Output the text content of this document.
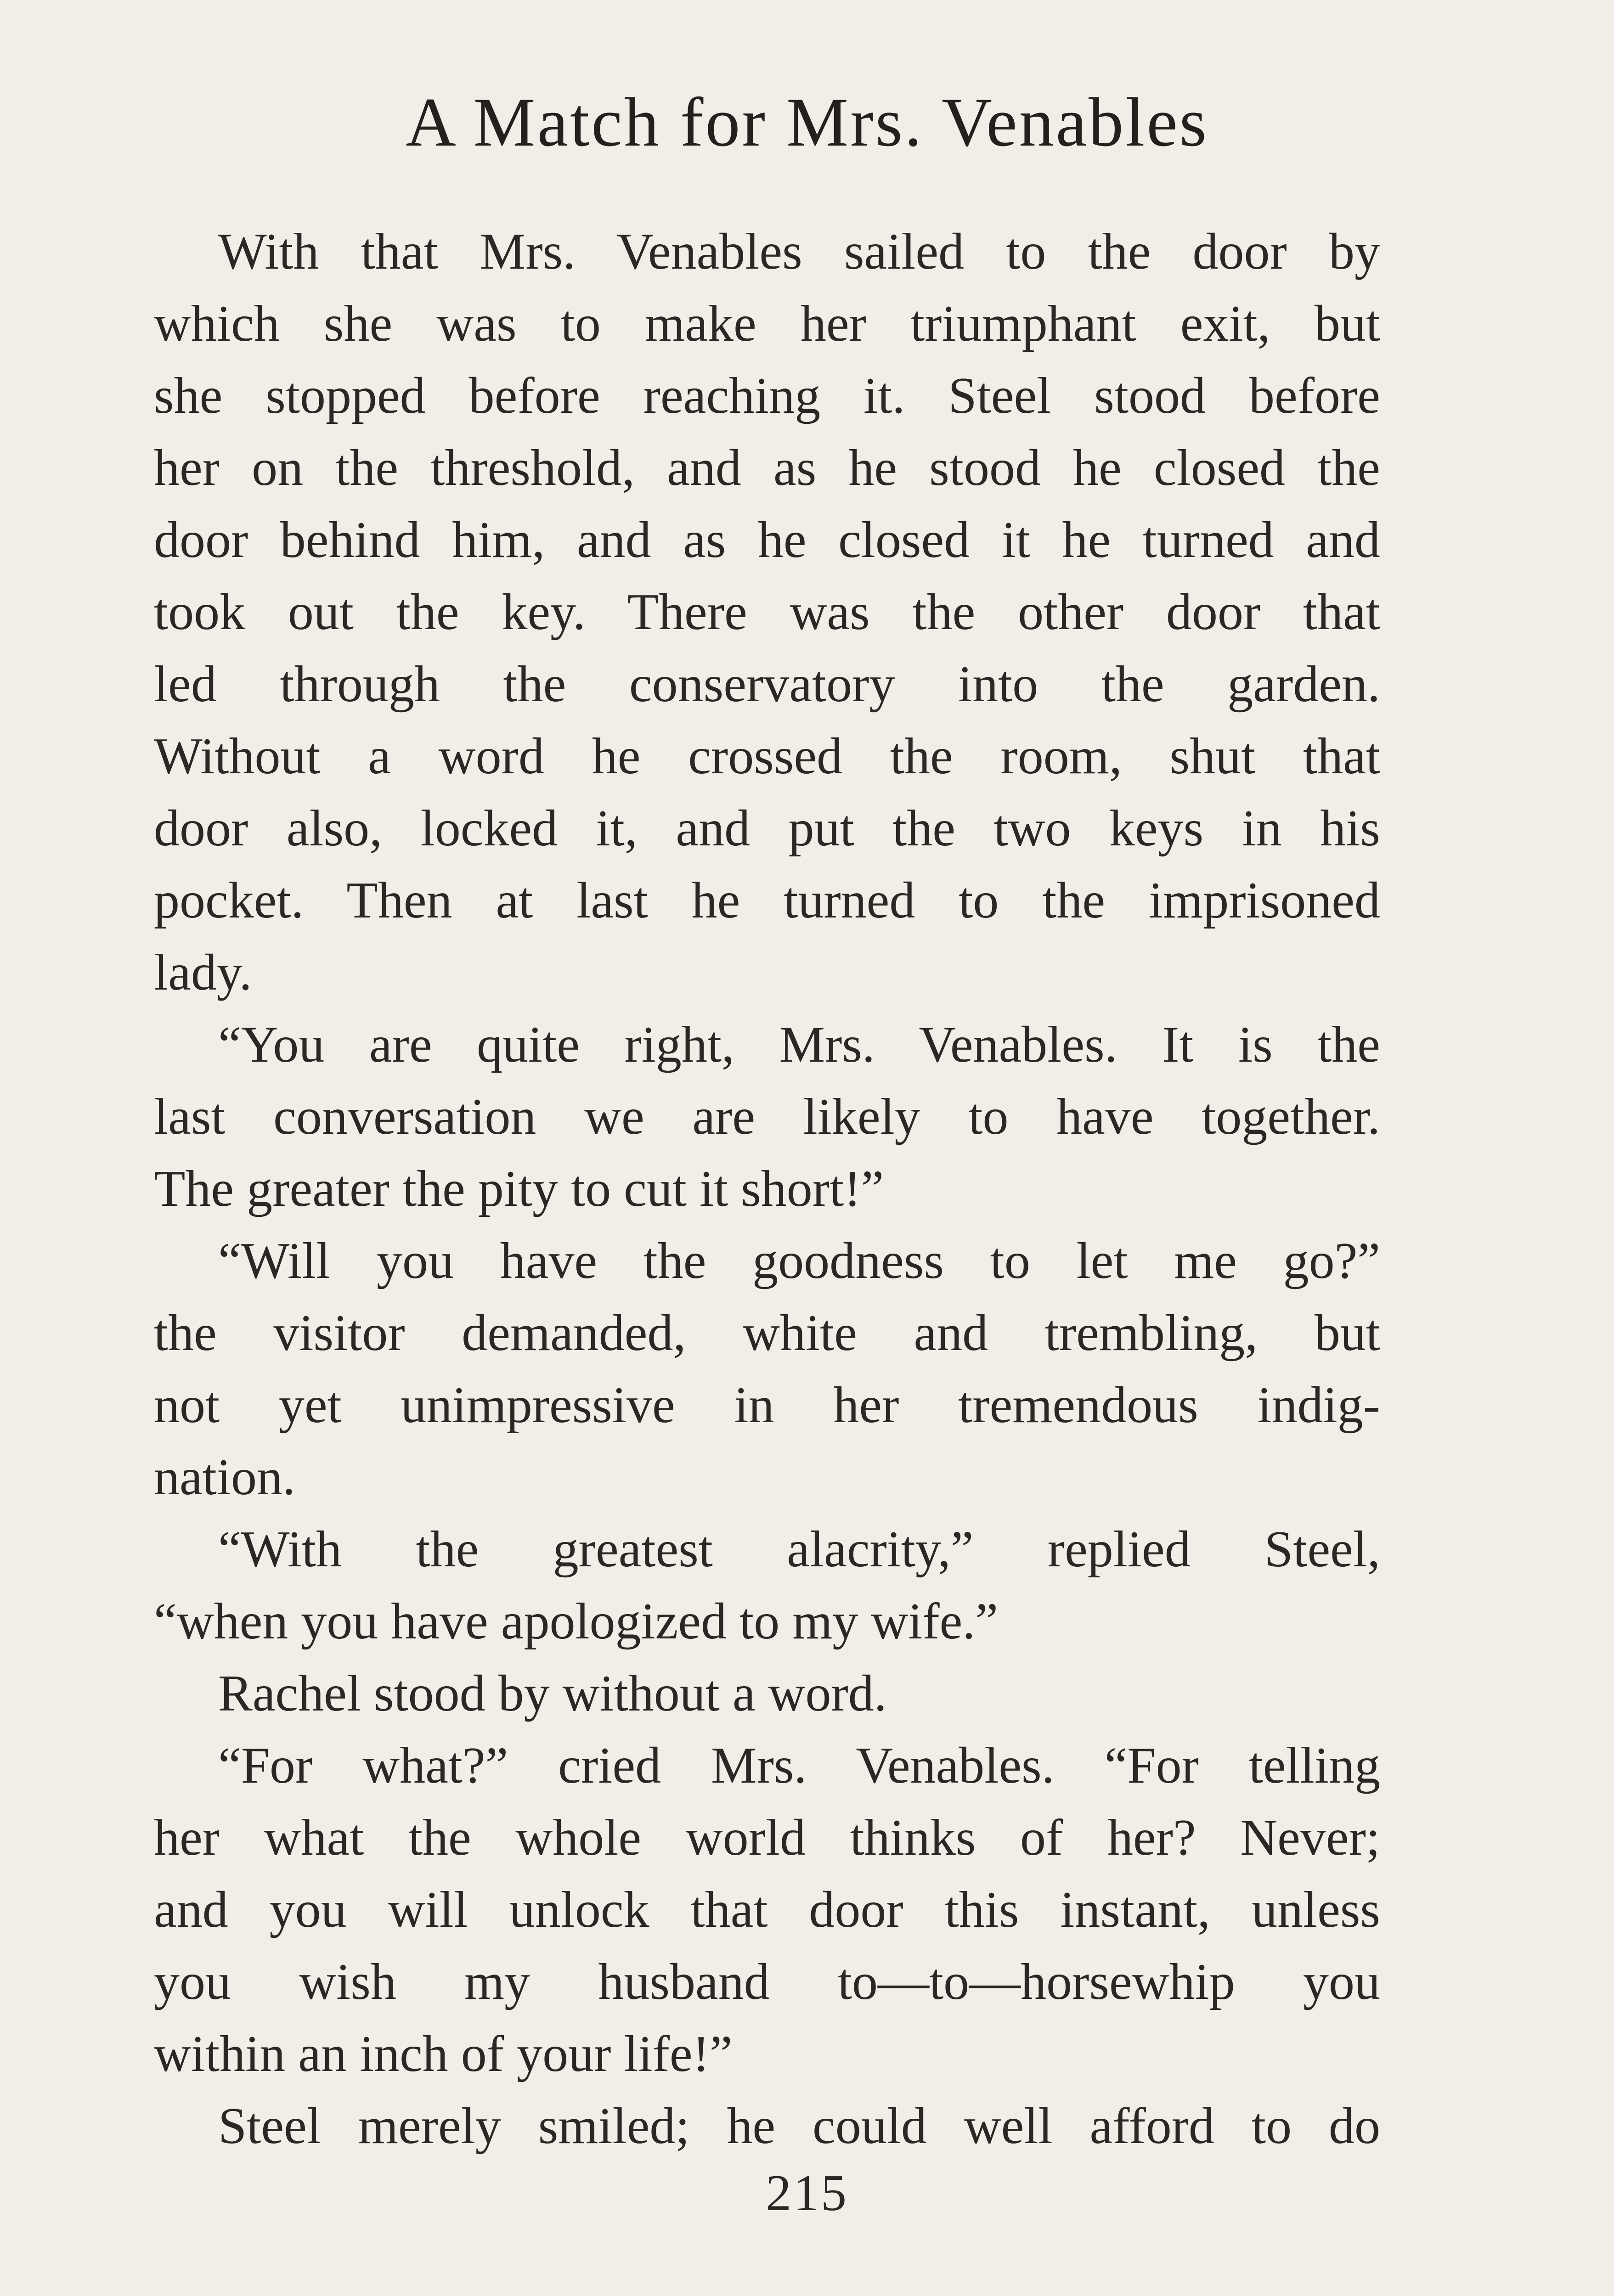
A Match for Mrs. Venables
With that Mrs. Venables sailed to the door by
which she was to make her triumphant exit, but
she stopped before reaching it. Steel stood before
her on the threshold, and as he stood he closed the
door behind him, and as he closed it he turned and
took out the key. There was the other door that
led through the conservatory into the garden.
Without a word he crossed the room, shut that
door also, locked it, and put the two keys in his
pocket. Then at last he turned to the imprisoned
lady.
“You are quite right, Mrs. Venables. It is the
last conversation we are likely to have together.
The greater the pity to cut it short!”
“Will you have the goodness to let me go?”
the visitor demanded, white and trembling, but
not yet unimpressive in her tremendous indig-
nation.
“With the greatest alacrity,” replied Steel,
“when you have apologized to my wife.”
Rachel stood by without a word.
“For what?” cried Mrs. Venables. “For telling
her what the whole world thinks of her? Never;
and you will unlock that door this instant, unless
you wish my husband to—to—horsewhip you
within an inch of your life!”
Steel merely smiled; he could well afford to do
215
